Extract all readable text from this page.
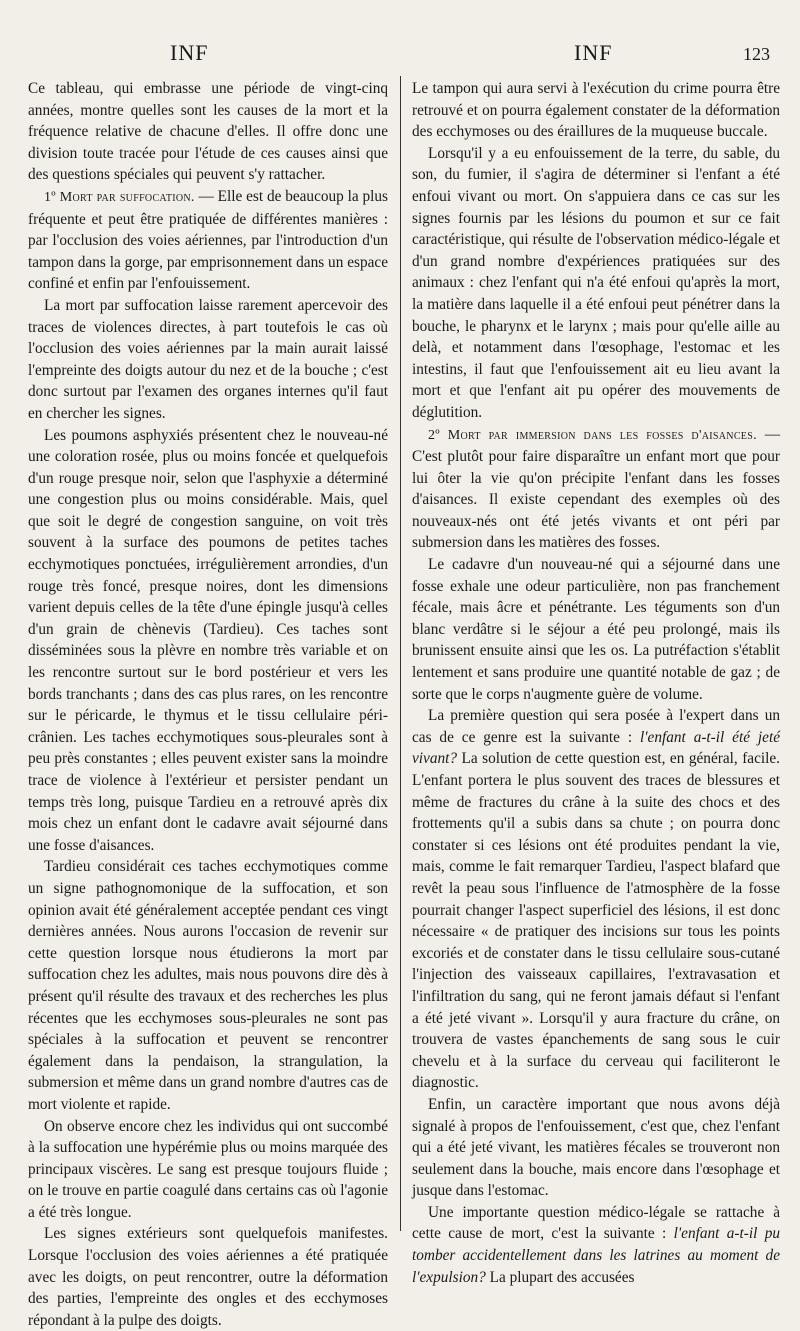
INF	INF	123

Ce tableau, qui embrasse une période de vingt-cinq années, montre quelles sont les causes de la mort et la fréquence relative de chacune d'elles. Il offre donc une division toute tracée pour l'étude de ces causes ainsi que des questions spéciales qui peuvent s'y rattacher.

1º Mort par suffocation. — Elle est de beaucoup la plus fréquente et peut être pratiquée de différentes manières : par l'occlusion des voies aériennes, par l'introduction d'un tampon dans la gorge, par emprisonnement dans un espace confiné et enfin par l'enfouissement.

La mort par suffocation laisse rarement apercevoir des traces de violences directes, à part toutefois le cas où l'occlusion des voies aériennes par la main aurait laissé l'empreinte des doigts autour du nez et de la bouche ; c'est donc surtout par l'examen des organes internes qu'il faut en chercher les signes.

Les poumons asphyxiés présentent chez le nouveau-né une coloration rosée, plus ou moins foncée et quelquefois d'un rouge presque noir, selon que l'asphyxie a déterminé une congestion plus ou moins considérable. Mais, quel que soit le degré de congestion sanguine, on voit très souvent à la surface des poumons de petites taches ecchymotiques ponctuées, irrégulièrement arrondies, d'un rouge très foncé, presque noires, dont les dimensions varient depuis celles de la tête d'une épingle jusqu'à celles d'un grain de chènevis (Tardieu). Ces taches sont disséminées sous la plèvre en nombre très variable et on les rencontre surtout sur le bord postérieur et vers les bords tranchants ; dans des cas plus rares, on les rencontre sur le péricarde, le thymus et le tissu cellulaire péri-crânien. Les taches ecchymotiques sous-pleurales sont à peu près constantes ; elles peuvent exister sans la moindre trace de violence à l'extérieur et persister pendant un temps très long, puisque Tardieu en a retrouvé après dix mois chez un enfant dont le cadavre avait séjourné dans une fosse d'aisances.

Tardieu considérait ces taches ecchymotiques comme un signe pathognomonique de la suffocation, et son opinion avait été généralement acceptée pendant ces vingt dernières années. Nous aurons l'occasion de revenir sur cette question lorsque nous étudierons la mort par suffocation chez les adultes, mais nous pouvons dire dès à présent qu'il résulte des travaux et des recherches les plus récentes que les ecchymoses sous-pleurales ne sont pas spéciales à la suffocation et peuvent se rencontrer également dans la pendaison, la strangulation, la submersion et même dans un grand nombre d'autres cas de mort violente et rapide.

On observe encore chez les individus qui ont succombé à la suffocation une hypérémie plus ou moins marquée des principaux viscères. Le sang est presque toujours fluide ; on le trouve en partie coagulé dans certains cas où l'agonie a été très longue.

Les signes extérieurs sont quelquefois manifestes. Lorsque l'occlusion des voies aériennes a été pratiquée avec les doigts, on peut rencontrer, outre la déformation des parties, l'empreinte des ongles et des ecchymoses répondant à la pulpe des doigts.

Le tampon qui aura servi à l'exécution du crime pourra être retrouvé et on pourra également constater de la déformation des ecchymoses ou des éraillures de la muqueuse buccale.

Lorsqu'il y a eu enfouissement de la terre, du sable, du son, du fumier, il s'agira de déterminer si l'enfant a été enfoui vivant ou mort. On s'appuiera dans ce cas sur les signes fournis par les lésions du poumon et sur ce fait caractéristique, qui résulte de l'observation médico-légale et d'un grand nombre d'expériences pratiquées sur des animaux : chez l'enfant qui n'a été enfoui qu'après la mort, la matière dans laquelle il a été enfoui peut pénétrer dans la bouche, le pharynx et le larynx ; mais pour qu'elle aille au delà, et notamment dans l'œsophage, l'estomac et les intestins, il faut que l'enfouissement ait eu lieu avant la mort et que l'enfant ait pu opérer des mouvements de déglutition.

2º Mort par immersion dans les fosses d'aisances. — C'est plutôt pour faire disparaître un enfant mort que pour lui ôter la vie qu'on précipite l'enfant dans les fosses d'aisances. Il existe cependant des exemples où des nouveaux-nés ont été jetés vivants et ont péri par submersion dans les matières des fosses.

Le cadavre d'un nouveau-né qui a séjourné dans une fosse exhale une odeur particulière, non pas franchement fécale, mais âcre et pénétrante. Les téguments son d'un blanc verdâtre si le séjour a été peu prolongé, mais ils brunissent ensuite ainsi que les os. La putréfaction s'établit lentement et sans produire une quantité notable de gaz ; de sorte que le corps n'augmente guère de volume.

La première question qui sera posée à l'expert dans un cas de ce genre est la suivante : l'enfant a-t-il été jeté vivant? La solution de cette question est, en général, facile. L'enfant portera le plus souvent des traces de blessures et même de fractures du crâne à la suite des chocs et des frottements qu'il a subis dans sa chute ; on pourra donc constater si ces lésions ont été produites pendant la vie, mais, comme le fait remarquer Tardieu, l'aspect blafard que revêt la peau sous l'influence de l'atmosphère de la fosse pourrait changer l'aspect superficiel des lésions, il est donc nécessaire « de pratiquer des incisions sur tous les points excoriés et de constater dans le tissu cellulaire sous-cutané l'injection des vaisseaux capillaires, l'extravasation et l'infiltration du sang, qui ne feront jamais défaut si l'enfant a été jeté vivant ». Lorsqu'il y aura fracture du crâne, on trouvera de vastes épanchements de sang sous le cuir chevelu et à la surface du cerveau qui faciliteront le diagnostic.

Enfin, un caractère important que nous avons déjà signalé à propos de l'enfouissement, c'est que, chez l'enfant qui a été jeté vivant, les matières fécales se trouveront non seulement dans la bouche, mais encore dans l'œsophage et jusque dans l'estomac.

Une importante question médico-légale se rattache à cette cause de mort, c'est la suivante : l'enfant a-t-il pu tomber accidentellement dans les latrines au moment de l'expulsion? La plupart des accusées
